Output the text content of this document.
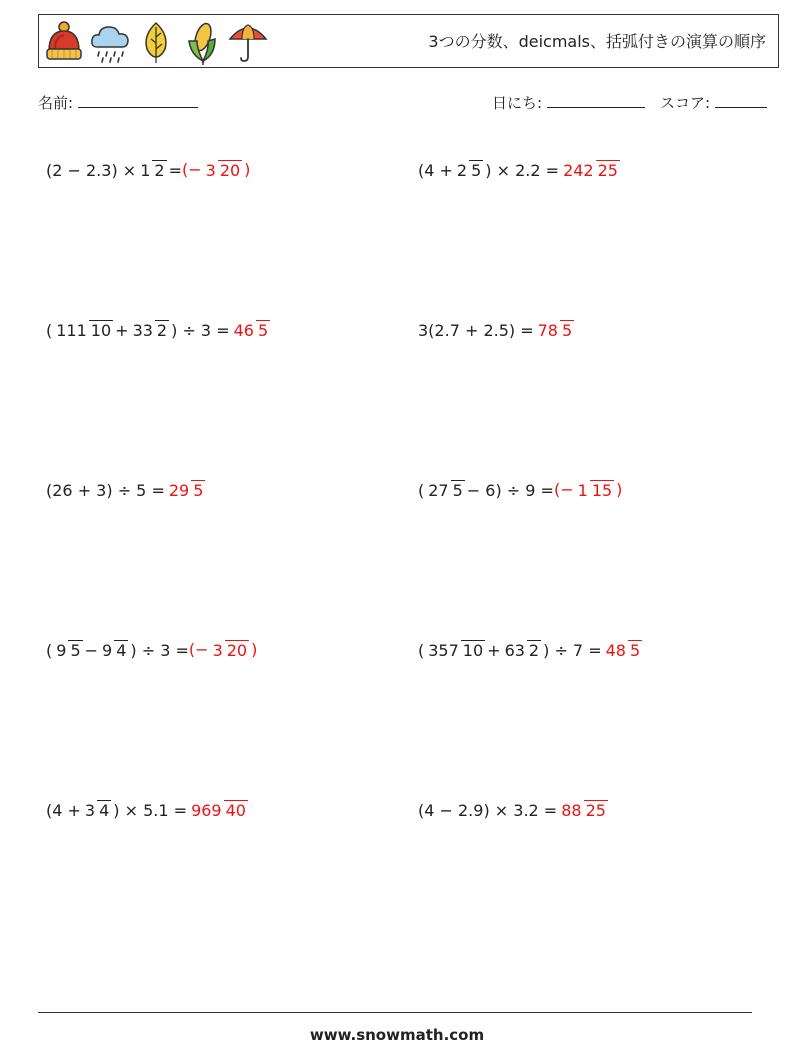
3つの分数、deicmals、括弧付きの演算の順序
名前:	日にち:	スコア:
(2 − 2.3) × 1 2 = (− 3 20 )	(4 + 2 5 ) × 2.2 = 242 25
( 111 10 + 33 2 ) ÷ 3 = 46 5	3(2.7 + 2.5) = 78 5
(26 + 3) ÷ 5 = 29 5	( 27 5 − 6) ÷ 9 = (− 1 15 )
( 9 5 − 9 4 ) ÷ 3 = (− 3 20 )	( 357 10 + 63 2 ) ÷ 7 = 48 5
(4 + 3 4 ) × 5.1 = 969 40	(4 − 2.9) × 3.2 = 88 25
www.snowmath.com
